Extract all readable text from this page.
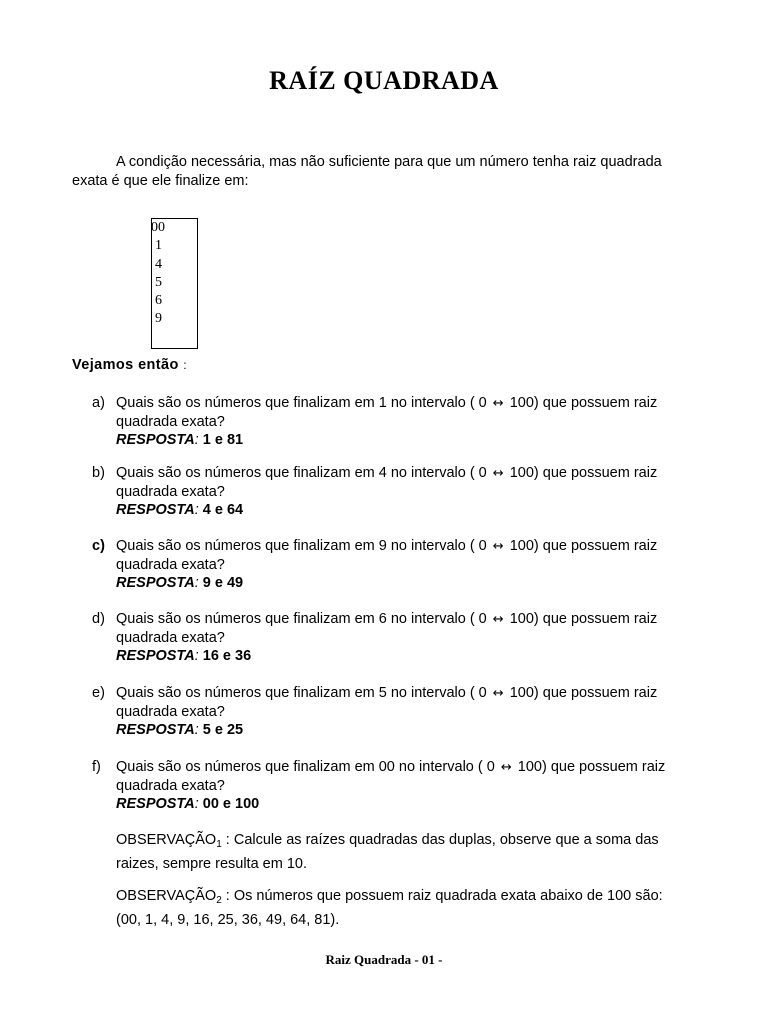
RAÍZ QUADRADA
A condição necessária, mas não suficiente para que um número tenha raiz quadrada
exata é que ele finalize em:
00
1
4
5
6
9
Vejamos então :
a) Quais são os números que finalizam em 1 no intervalo ( 0 ↔ 100) que possuem raiz
quadrada exata?
RESPOSTA: 1 e 81
b) Quais são os números que finalizam em 4 no intervalo ( 0 ↔ 100) que possuem raiz
quadrada exata?
RESPOSTA: 4 e 64
c) Quais são os números que finalizam em 9 no intervalo ( 0 ↔ 100) que possuem raiz
quadrada exata?
RESPOSTA: 9 e 49
d) Quais são os números que finalizam em 6 no intervalo ( 0 ↔ 100) que possuem raiz
quadrada exata?
RESPOSTA: 16 e 36
e) Quais são os números que finalizam em 5 no intervalo ( 0 ↔ 100) que possuem raiz
quadrada exata?
RESPOSTA: 5 e 25
f) Quais são os números que finalizam em 00 no intervalo ( 0 ↔ 100) que possuem raiz
quadrada exata?
RESPOSTA: 00 e 100
$OBSERVAÇÃO_1$ : Calcule as raízes quadradas das duplas, observe que a soma das
raizes, sempre resulta em 10.
$OBSERVAÇÃO_2$ : Os números que possuem raiz quadrada exata abaixo de 100 são:
(00, 1, 4, 9, 16, 25, 36, 49, 64, 81).
Raiz Quadrada - 01 -
